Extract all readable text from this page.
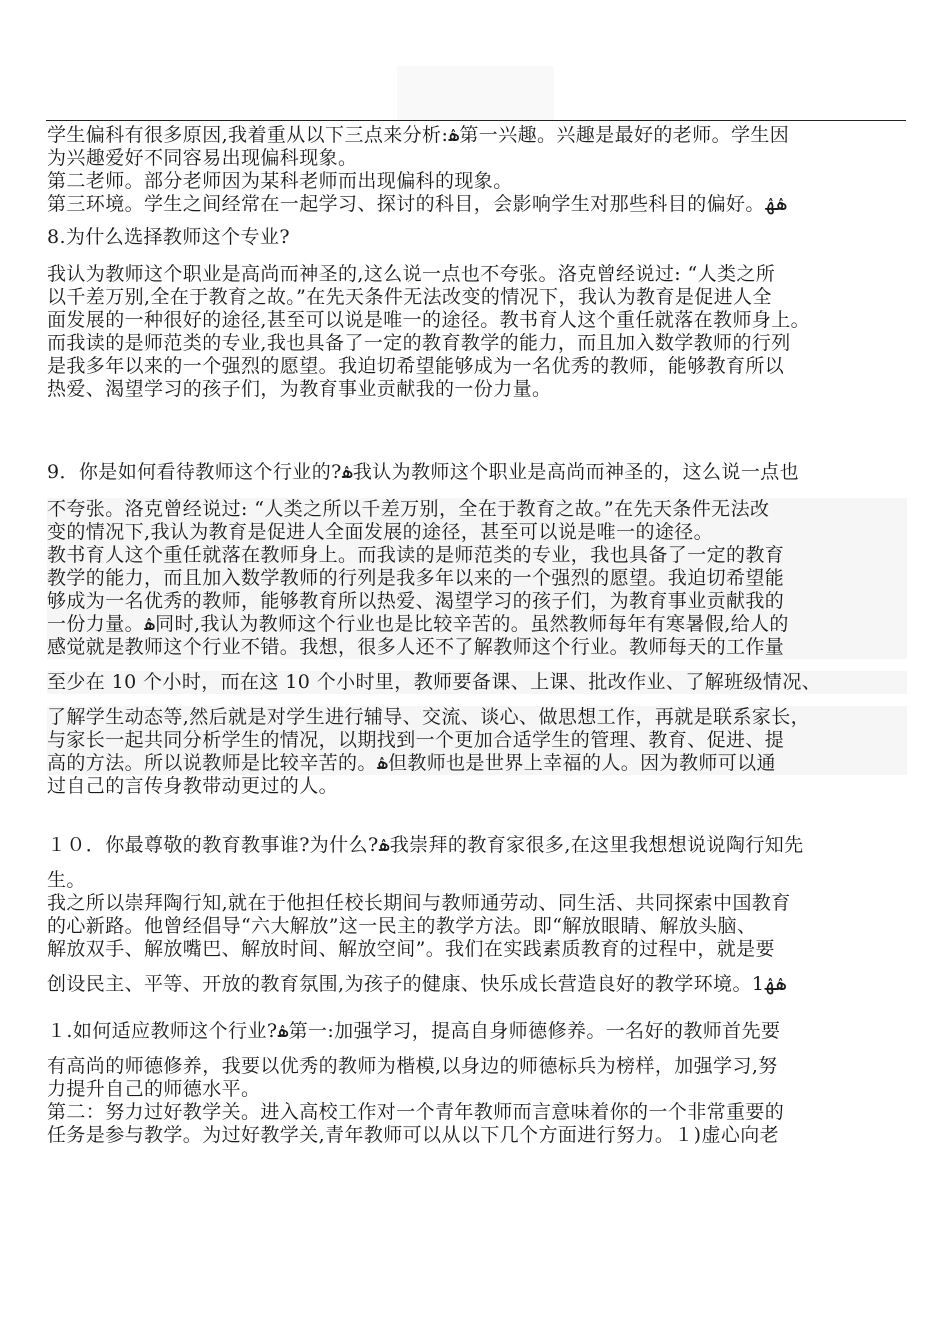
学生偏科有很多原因,我着重从以下三点来分析:ۿ第一兴趣。兴趣是最好的老师。学生因

为兴趣爱好不同容易出现偏科现象。

第二老师。部分老师因为某科老师而出现偏科的现象。

第三环境。学生之间经常在一起学习、探讨的科目，会影响学生对那些科目的偏好。ۿۿ

8.为什么选择教师这个专业?

我认为教师这个职业是高尚而神圣的,这么说一点也不夸张。洛克曾经说过: “人类之所

以千差万别,全在于教育之故。”在先天条件无法改变的情况下，我认为教育是促进人全

面发展的一种很好的途径,甚至可以说是唯一的途径。教书育人这个重任就落在教师身上。

而我读的是师范类的专业,我也具备了一定的教育教学的能力，而且加入数学教师的行列

是我多年以来的一个强烈的愿望。我迫切希望能够成为一名优秀的教师，能够教育所以

热爱、渴望学习的孩子们，为教育事业贡献我的一份力量。

9．你是如何看待教师这个行业的?ۿ我认为教师这个职业是高尚而神圣的，这么说一点也

不夸张。洛克曾经说过: “人类之所以千差万别，全在于教育之故。”在先天条件无法改

变的情况下,我认为教育是促进人全面发展的途径，甚至可以说是唯一的途径。

教书育人这个重任就落在教师身上。而我读的是师范类的专业，我也具备了一定的教育

教学的能力，而且加入数学教师的行列是我多年以来的一个强烈的愿望。我迫切希望能

够成为一名优秀的教师，能够教育所以热爱、渴望学习的孩子们，为教育事业贡献我的

一份力量。ۿ同时,我认为教师这个行业也是比较辛苦的。虽然教师每年有寒暑假,给人的

感觉就是教师这个行业不错。我想，很多人还不了解教师这个行业。教师每天的工作量

至少在 10 个小时，而在这 10 个小时里，教师要备课、上课、批改作业、了解班级情况、

了解学生动态等,然后就是对学生进行辅导、交流、谈心、做思想工作，再就是联系家长，

与家长一起共同分析学生的情况，以期找到一个更加合适学生的管理、教育、促进、提

高的方法。所以说教师是比较辛苦的。ۿ但教师也是世界上幸福的人。因为教师可以通

过自己的言传身教带动更过的人。

１０．你最尊敬的教育教事谁?为什么?ۿ我崇拜的教育家很多,在这里我想想说说陶行知先

生。

我之所以崇拜陶行知,就在于他担任校长期间与教师通劳动、同生活、共同探索中国教育

的心新路。他曾经倡导“六大解放”这一民主的教学方法。即“解放眼睛、解放头脑、

解放双手、解放嘴巴、解放时间、解放空间”。我们在实践素质教育的过程中，就是要

创设民主、平等、开放的教育氛围,为孩子的健康、快乐成长营造良好的教学环境。1ۿۿ

１.如何适应教师这个行业?ۿ第一:加强学习，提高自身师德修养。一名好的教师首先要

有高尚的师德修养，我要以优秀的教师为楷模,以身边的师德标兵为榜样，加强学习,努

力提升自己的师德水平。

第二：努力过好教学关。进入高校工作对一个青年教师而言意味着你的一个非常重要的

任务是参与教学。为过好教学关,青年教师可以从以下几个方面进行努力。１)虚心向老
